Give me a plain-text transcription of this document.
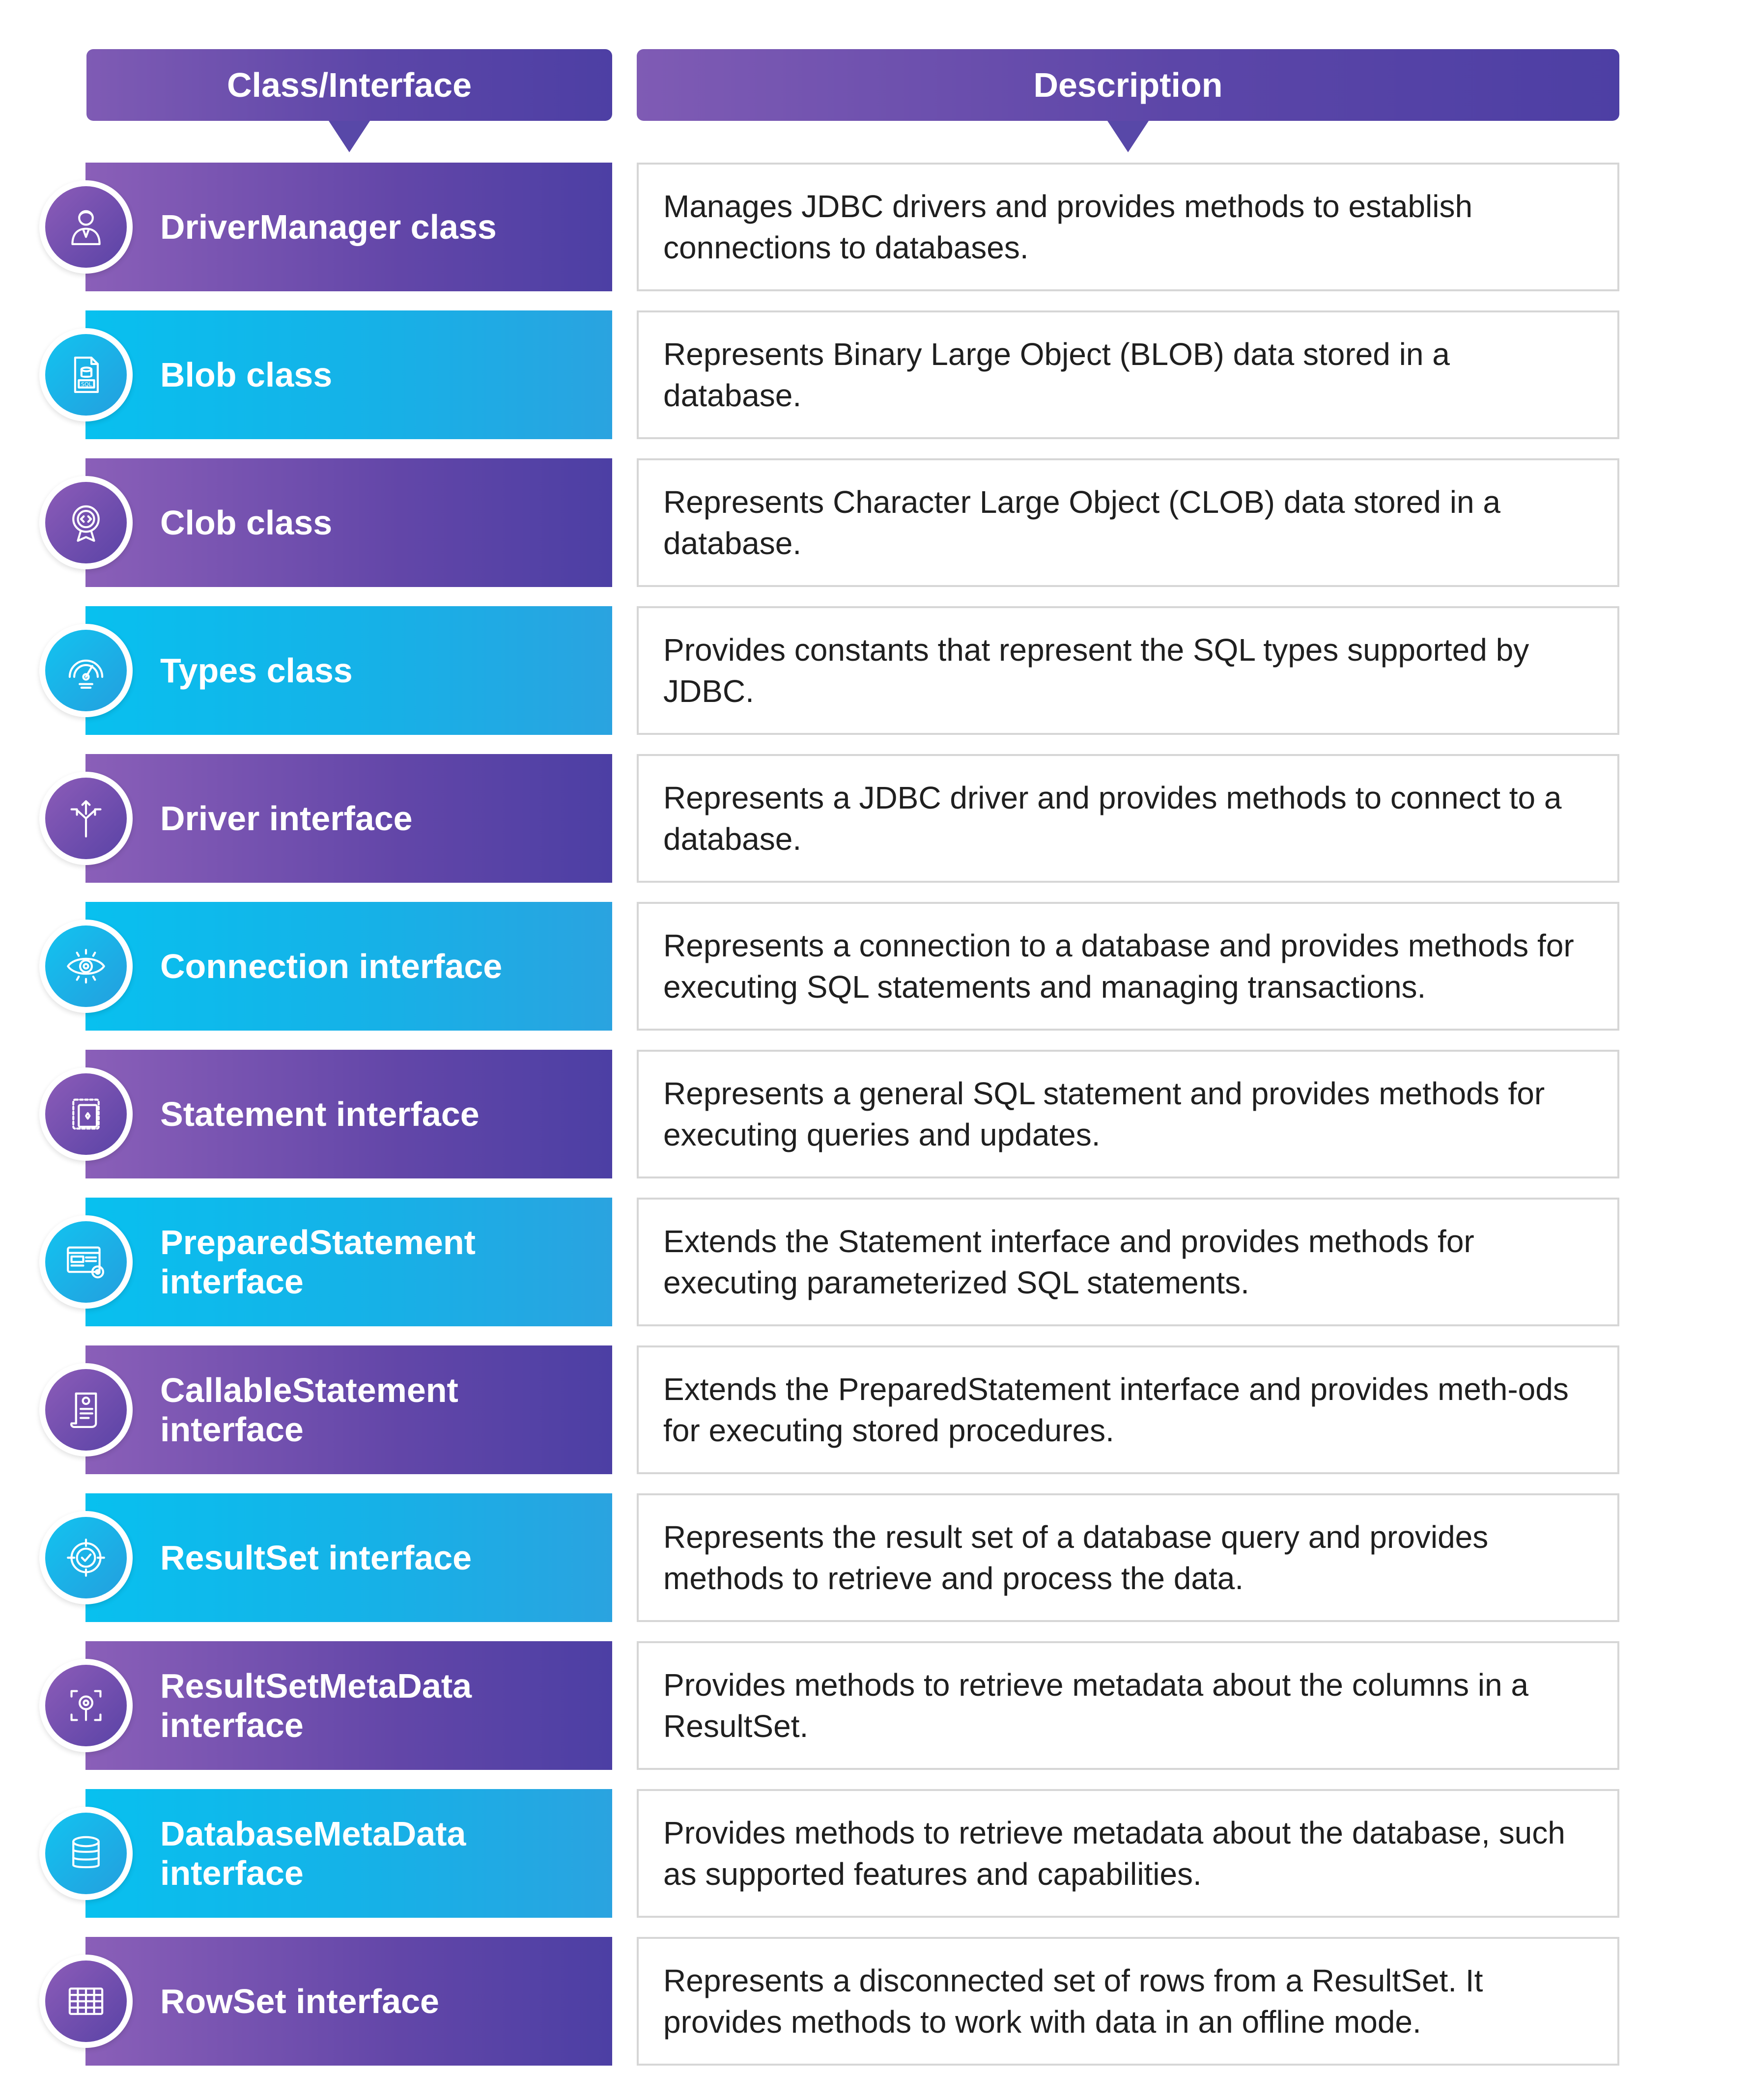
Class/Interface	Description
DriverManager class
Manages JDBC drivers and provides methods to establish connections to databases.
Blob class
SQL
Represents Binary Large Object (BLOB) data stored in a database.
Clob class
Represents Character Large Object (CLOB) data stored in a database.
Types class
Provides constants that represent the SQL types supported by JDBC.
Driver interface
Represents a JDBC driver and provides methods to connect to a database.
Connection interface
Represents a connection to a database and provides methods for executing SQL statements and managing transactions.
Statement interface
Represents a general SQL statement and provides methods for executing queries and updates.
PreparedStatement interface
Extends the Statement interface and provides methods for executing parameterized SQL statements.
CallableStatement interface
Extends the PreparedStatement interface and provides meth-ods for executing stored procedures.
ResultSet interface
Represents the result set of a database query and provides methods to retrieve and process the data.
ResultSetMetaData interface
Provides methods to retrieve metadata about the columns in a ResultSet.
DatabaseMetaData interface
Provides methods to retrieve metadata about the database, such as supported features and capabilities.
RowSet interface
Represents a disconnected set of rows from a ResultSet. It provides methods to work with data in an offline mode.
